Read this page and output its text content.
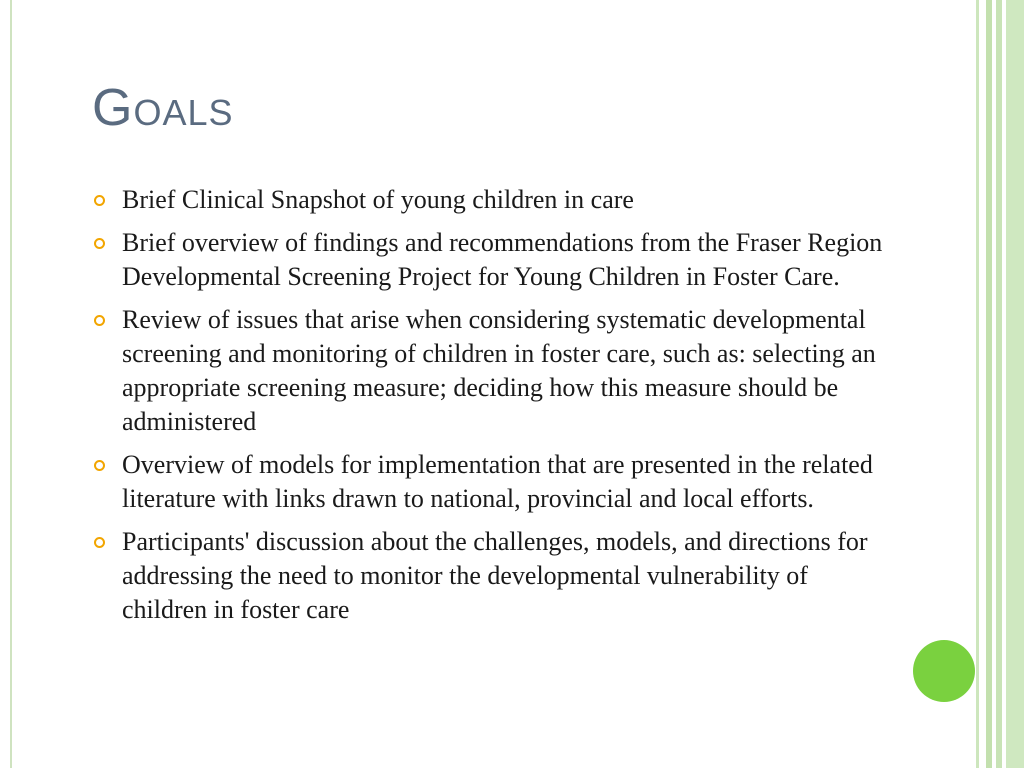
Goals
Brief Clinical Snapshot of young children in care
Brief overview of findings and recommendations from the Fraser Region Developmental Screening Project for Young Children in Foster Care.
Review of issues that arise when considering systematic developmental screening and monitoring of children in foster care, such as: selecting an appropriate screening measure; deciding how this measure should be administered
Overview of models for implementation that are presented in the related literature with links drawn to national, provincial and local efforts.
Participants' discussion about the challenges, models, and directions for addressing the need to monitor the developmental vulnerability of children in foster care
